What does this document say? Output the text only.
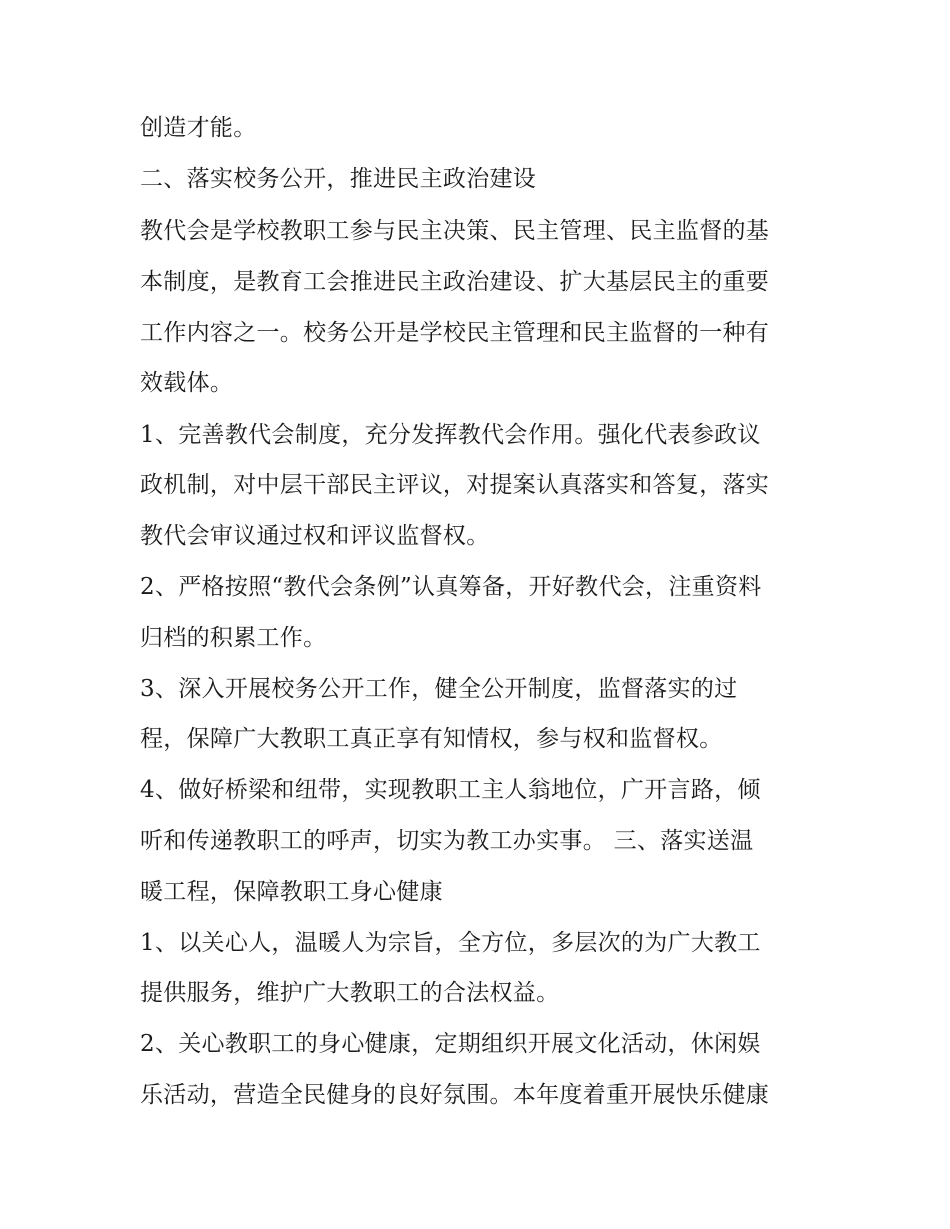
创造才能。
二、落实校务公开，推进民主政治建设
教代会是学校教职工参与民主决策、民主管理、民主监督的基
本制度，是教育工会推进民主政治建设、扩大基层民主的重要
工作内容之一。校务公开是学校民主管理和民主监督的一种有
效载体。
1、完善教代会制度，充分发挥教代会作用。强化代表参政议
政机制，对中层干部民主评议，对提案认真落实和答复，落实
教代会审议通过权和评议监督权。
2、严格按照“教代会条例”认真筹备，开好教代会，注重资料
归档的积累工作。
3、深入开展校务公开工作，健全公开制度，监督落实的过
程，保障广大教职工真正享有知情权，参与权和监督权。
4、做好桥梁和纽带，实现教职工主人翁地位，广开言路，倾
听和传递教职工的呼声，切实为教工办实事。 三、落实送温
暖工程，保障教职工身心健康
1、以关心人，温暖人为宗旨，全方位，多层次的为广大教工
提供服务，维护广大教职工的合法权益。
2、关心教职工的身心健康，定期组织开展文化活动，休闲娱
乐活动，营造全民健身的良好氛围。本年度着重开展快乐健康
